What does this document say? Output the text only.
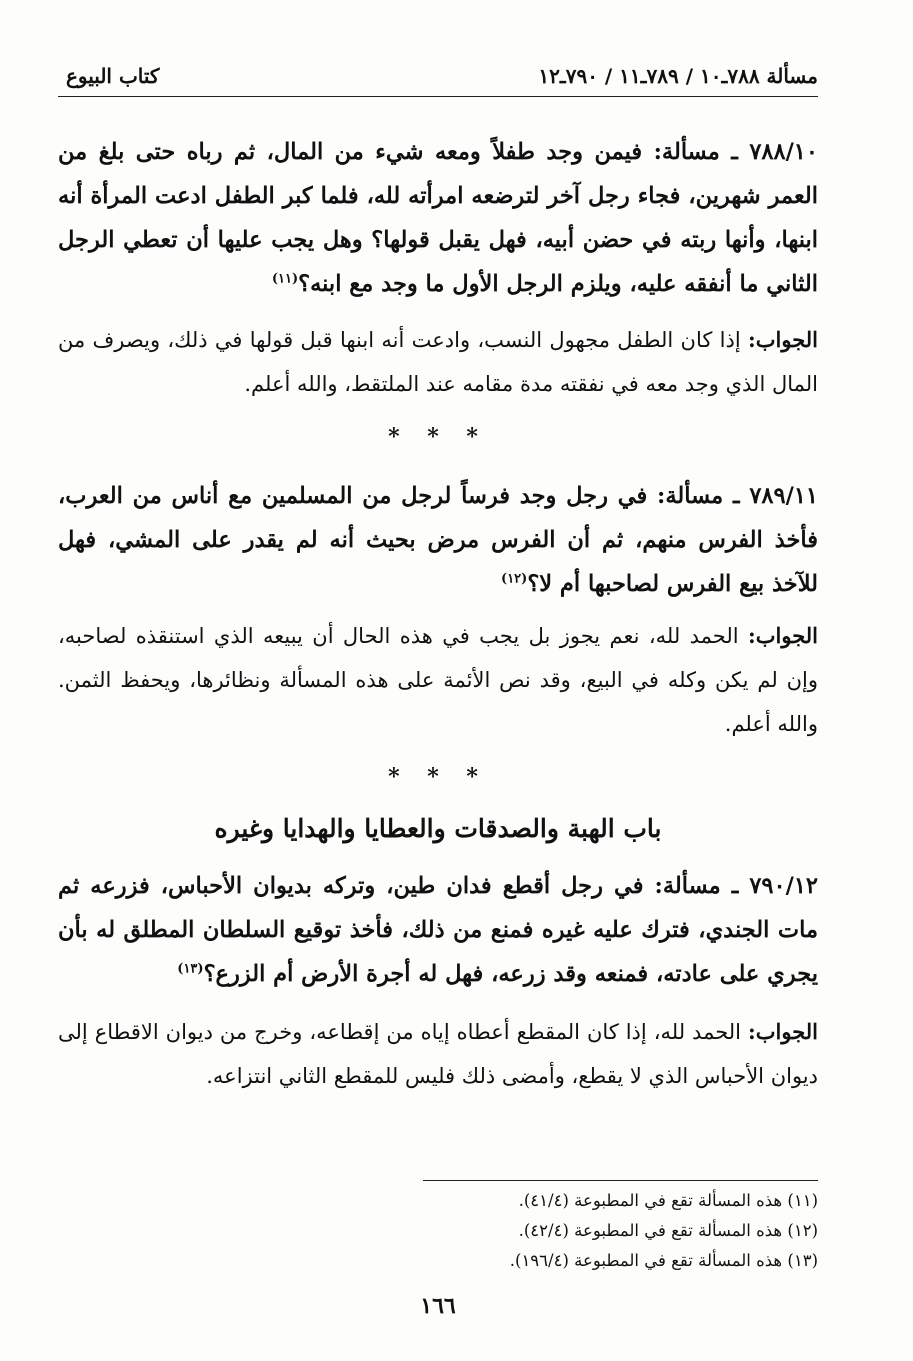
مسألة ٧٨٨ـ١٠ / ٧٨٩ـ١١ / ٧٩٠ـ١٢
كتاب البيوع
٧٨٨/١٠ ـ مسألة: فيمن وجد طفلاً ومعه شيء من المال، ثم رباه حتى بلغ من العمر شهرين، فجاء رجل آخر لترضعه امرأته لله، فلما كبر الطفل ادعت المرأة أنه ابنها، وأنها ربته في حضن أبيه، فهل يقبل قولها؟ وهل يجب عليها أن تعطي الرجل الثاني ما أنفقه عليه، ويلزم الرجل الأول ما وجد مع ابنه؟$^{(١١)}$
الجواب: إذا كان الطفل مجهول النسب، وادعت أنه ابنها قبل قولها في ذلك، ويصرف من المال الذي وجد معه في نفقته مدة مقامه عند الملتقط، والله أعلم.
* * *
٧٨٩/١١ ـ مسألة: في رجل وجد فرساً لرجل من المسلمين مع أناس من العرب، فأخذ الفرس منهم، ثم أن الفرس مرض بحيث أنه لم يقدر على المشي، فهل للآخذ بيع الفرس لصاحبها أم لا؟$^{(١٢)}$
الجواب: الحمد لله، نعم يجوز بل يجب في هذه الحال أن يبيعه الذي استنقذه لصاحبه، وإن لم يكن وكله في البيع، وقد نص الأئمة على هذه المسألة ونظائرها، ويحفظ الثمن. والله أعلم.
* * *
باب الهبة والصدقات والعطايا والهدايا وغيره
٧٩٠/١٢ ـ مسألة: في رجل أقطع فدان طين، وتركه بديوان الأحباس، فزرعه ثم مات الجندي، فترك عليه غيره فمنع من ذلك، فأخذ توقيع السلطان المطلق له بأن يجري على عادته، فمنعه وقد زرعه، فهل له أجرة الأرض أم الزرع؟$^{(١٣)}$
الجواب: الحمد لله، إذا كان المقطع أعطاه إياه من إقطاعه، وخرج من ديوان الاقطاع إلى ديوان الأحباس الذي لا يقطع، وأمضى ذلك فليس للمقطع الثاني انتزاعه.
(١١) هذه المسألة تقع في المطبوعة (٤١/٤).
(١٢) هذه المسألة تقع في المطبوعة (٤٢/٤).
(١٣) هذه المسألة تقع في المطبوعة (١٩٦/٤).
١٦٦
